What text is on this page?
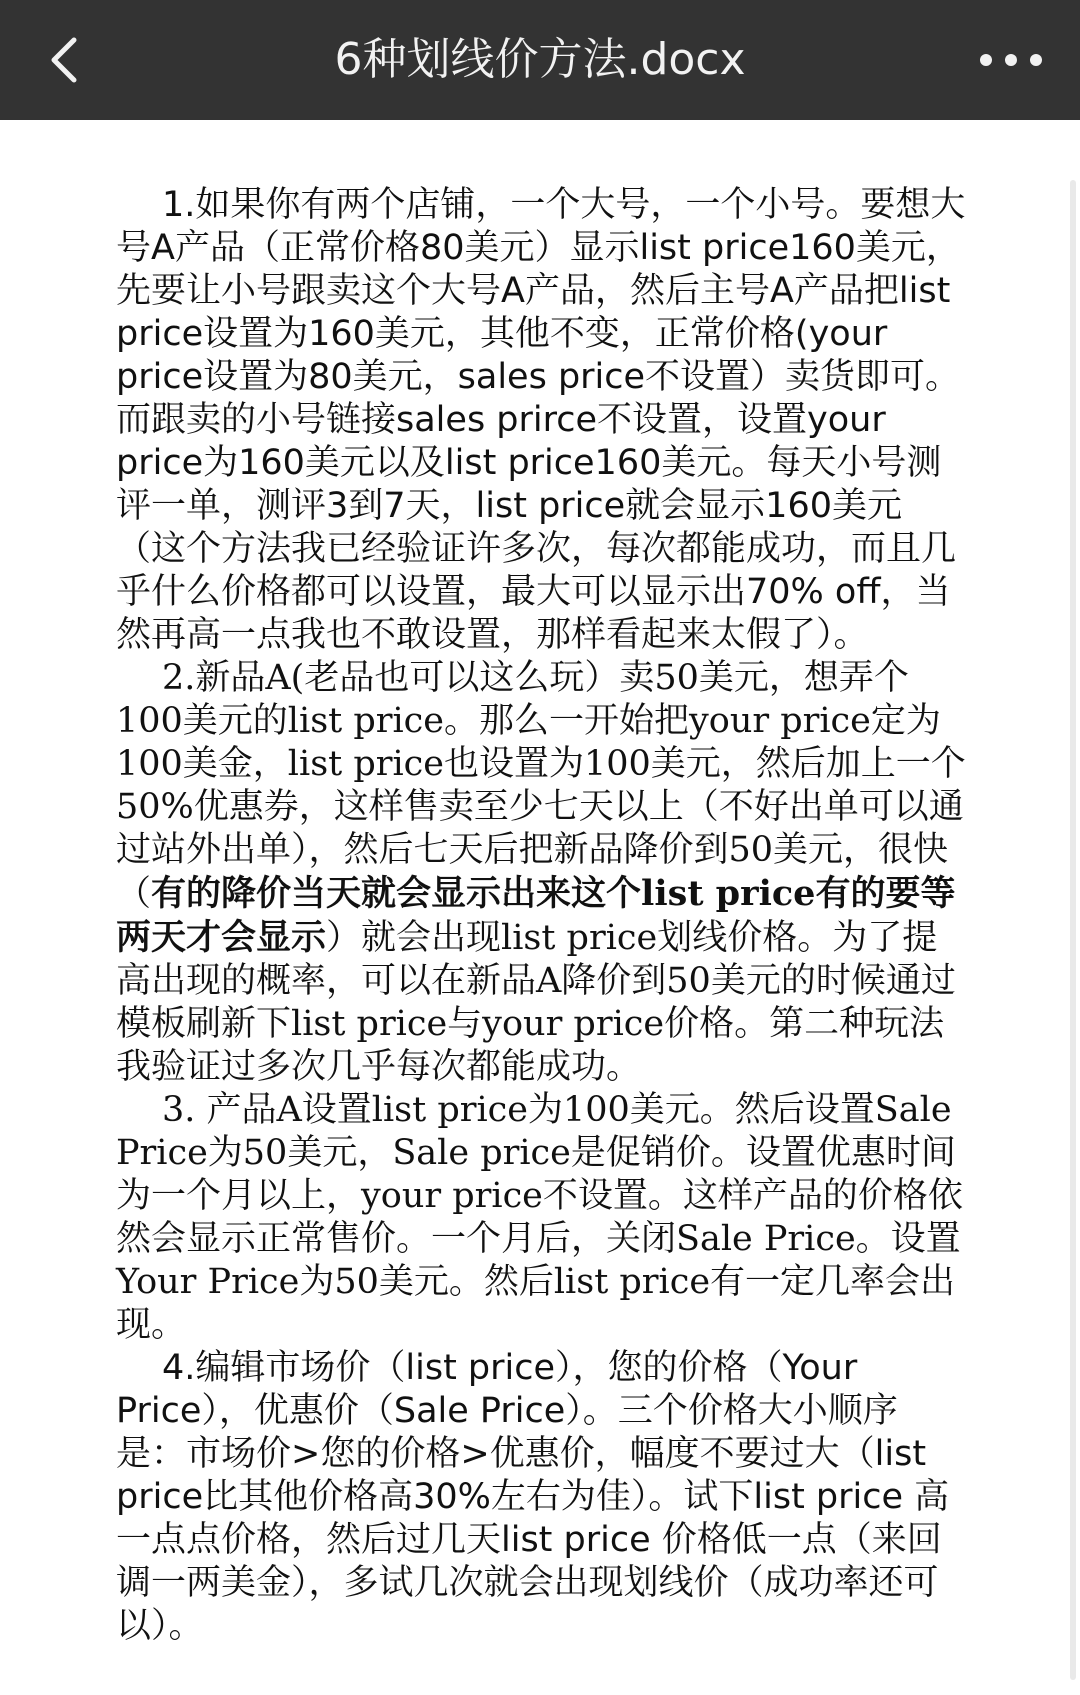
6种划线价方法.docx

1.如果你有两个店铺，一个大号，一个小号。要想大号A产品（正常价格80美元）显示list price160美元，先要让小号跟卖这个大号A产品，然后主号A产品把list price设置为160美元，其他不变，正常价格(your price设置为80美元，sales price不设置）卖货即可。而跟卖的小号链接sales prirce不设置，设置your price为160美元以及list price160美元。每天小号测评一单，测评3到7天，list price就会显示160美元（这个方法我已经验证许多次，每次都能成功，而且几乎什么价格都可以设置，最大可以显示出70% off，当然再高一点我也不敢设置，那样看起来太假了）。

2.新品A(老品也可以这么玩）卖50美元，想弄个100美元的list price。那么一开始把your price定为100美金，list price也设置为100美元，然后加上一个50%优惠券，这样售卖至少七天以上（不好出单可以通过站外出单），然后七天后把新品降价到50美元，很快（有的降价当天就会显示出来这个list price有的要等两天才会显示）就会出现list price划线价格。为了提高出现的概率，可以在新品A降价到50美元的时候通过模板刷新下list price与your price价格。第二种玩法我验证过多次几乎每次都能成功。

3. 产品A设置list price为100美元。然后设置Sale Price为50美元，Sale price是促销价。设置优惠时间为一个月以上，your price不设置。这样产品的价格依然会显示正常售价。一个月后，关闭Sale Price。设置Your Price为50美元。然后list price有一定几率会出现。

4.编辑市场价（list price），您的价格（Your Price），优惠价（Sale Price）。三个价格大小顺序是：市场价>您的价格>优惠价，幅度不要过大（list price比其他价格高30%左右为佳）。试下list price 高一点点价格，然后过几天list price 价格低一点（来回调一两美金），多试几次就会出现划线价（成功率还可以）。
